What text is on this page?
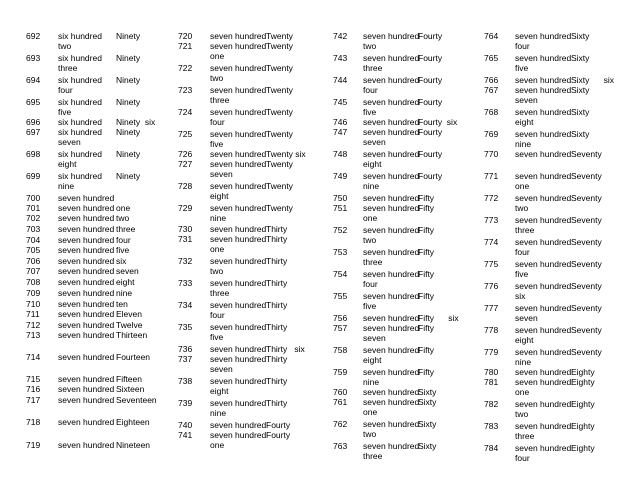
692 six hundred
two
Ninety
693 six hundred
three
Ninety
694 six hundred
four
Ninety
695 six hundred
five
Ninety
696 six hundred Ninety  six
697 six hundred
seven
Ninety
698 six hundred
eight
Ninety
699 six hundred
nine
Ninety
700 seven hundred
701 seven hundred one
702 seven hundred two
703 seven hundred three
704 seven hundred four
705 seven hundred five
706 seven hundred six
707 seven hundred seven
708 seven hundred eight
709 seven hundred nine
710 seven hundred ten
711 seven hundred Eleven
712 seven hundred Twelve
713 seven hundred Thirteen
714 seven hundred Fourteen
715 seven hundred Fifteen
716 seven hundred Sixteen
717 seven hundred Seventeen
718 seven hundred Eighteen
719 seven hundred Nineteen
720 seven hundred Twenty
721 seven hundred
one
Twenty
722 seven hundred
two
Twenty
723 seven hundred
three
Twenty
724 seven hundred
four
Twenty
725 seven hundred
five
Twenty
726 seven hundred Twenty six
727 seven hundred
seven
Twenty
728 seven hundred
eight
Twenty
729 seven hundred
nine
Twenty
730 seven hundred Thirty
731 seven hundred
one
Thirty
732 seven hundred
two
Thirty
733 seven hundred
three
Thirty
734 seven hundred
four
Thirty
735 seven hundred
five
Thirty
736 seven hundred Thirty   six
737 seven hundred
seven
Thirty
738 seven hundred
eight
Thirty
739 seven hundred
nine
Thirty
740 seven hundred Fourty
741 seven hundred
one
Fourty
742 seven hundred
two
Fourty
743 seven hundred
three
Fourty
744 seven hundred
four
Fourty
745 seven hundred
five
Fourty
746 seven hundred
Fourty  six
747 seven hundred
seven
Fourty
748 seven hundred
eight
Fourty
749 seven hundred
nine
Fourty
750 seven hundred
Fifty
751 seven hundred
one
Fifty
752 seven hundred
two
Fifty
753 seven hundred
three
Fifty
754 seven hundred
four
Fifty
755 seven hundred
five
Fifty
756 seven hundred
Fifty      six
757 seven hundred
seven
Fifty
758 seven hundred
eight
Fifty
759 seven hundred
nine
Fifty
760 seven hundred
Sixty
761 seven hundred
one
Sixty
762 seven hundred
two
Sixty
763 seven hundred
three
Sixty
764 seven hundred
four
Sixty
765 seven hundred
five
Sixty
766 seven hundred Sixty      six
767 seven hundred
seven
Sixty
768 seven hundred
eight
Sixty
769 seven hundred
nine
Sixty
770 seven hundred Seventy
771 seven hundred
one
Seventy
772 seven hundred
two
Seventy
773 seven hundred
three
Seventy
774 seven hundred
four
Seventy
775 seven hundred
five
Seventy
776 seven hundred
six
Seventy
777 seven hundred
seven
Seventy
778 seven hundred
eight
Seventy
779 seven hundred
nine
Seventy
780 seven hundred Eighty
781 seven hundred
one
Eighty
782 seven hundred
two
Eighty
783 seven hundred
three
Eighty
784 seven hundred
four
Eighty
